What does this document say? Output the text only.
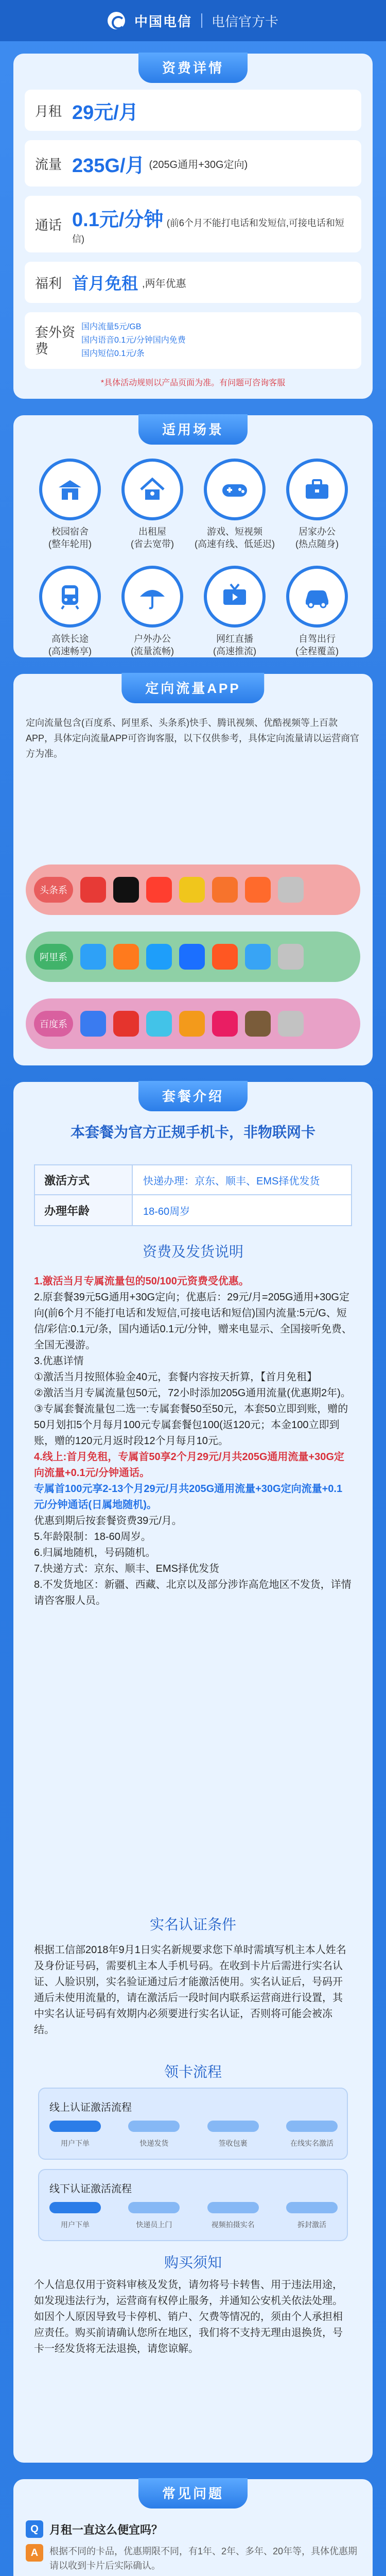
中国电信 电信官方卡
资费详情
月租 29元/月
流量 235G/月 (205G通用+30G定向)
通话 0.1元/分钟 (前6个月不能打电话和发短信,可接电话和短信)
福利 首月免租 ,两年优惠
套外资费
国内流量5元/GB
国内语音0.1元/分钟国内免费
国内短信0.1元/条
*具体活动规则以产品页面为准。有问题可咨询客服
适用场景
校园宿舍
(整年轮用)
出租屋
(省去宽带)
游戏、短视频
(高速有线、低延迟)
居家办公
(热点随身)
高铁长途
(高速畅享)
户外办公
(流量流畅)
网红直播
(高速推流)
自驾出行
(全程覆盖)
定向流量APP
定向流量包含(百度系、阿里系、头条系)快手、腾讯视频、优酷视频等上百款APP，具体定向流量APP可咨询客服，以下仅供参考，具体定向流量请以运营商官方为准。
头条系
阿里系
百度系
套餐介绍
本套餐为官方正规手机卡，非物联网卡
激活方式	快递办理：京东、顺丰、EMS择优发货
办理年龄	18-60周岁
资费及发货说明

1.激活当月专属流量包的50/100元资费受优惠。

2.原套餐39元5G通用+30G定向；优惠后：29元/月=205G通用+30G定向(前6个月不能打电话和发短信,可接电话和短信)国内流量:5元/G、短信/彩信:0.1元/条，国内通话0.1元/分钟，赠来电显示、全国接听免费、全国无漫游。

3.优惠详情

①激活当月按照体验金40元，套餐内容按天折算，【首月免租】

②激活当月专属流量包50元，72小时添加205G通用流量(优惠期2年)。

③专属套餐流量包二选一:专属套餐50至50元，本套50立即到账，赠的50月划扣5个月每月100元专属套餐包100(返120元；本金100立即到账，赠的120元月返时段12个月每月10元。

4.线上:首月免租，专属首50享2个月29元/月共205G通用流量+30G定向流量+0.1元/分钟通话。

专属首100元享2-13个月29元/月共205G通用流量+30G定向流量+0.1元/分钟通话(日属地随机)。

优惠到期后按套餐资费39元/月。

5.年龄限制：18-60周岁。

6.归属地随机，号码随机。

7.快递方式：京东、顺丰、EMS择优发货

8.不发货地区：新疆、西藏、北京以及部分涉诈高危地区不发货，详情请咨客服人员。

实名认证条件
根据工信部2018年9月1日实名新规要求您下单时需填写机主本人姓名及身份证号码，需要机主本人手机号码。在收到卡片后需进行实名认证、人脸识别，实名验证通过后才能激活使用。实名认证后，号码开通后未使用流量的，请在激活后一段时间内联系运营商进行设置，其中实名认证号码有效期内必须要进行实名认证，否则将可能会被冻结。
领卡流程
线上认证激活流程
用户下单	快递发货	签收包裹	在线实名激活
线下认证激活流程
用户下单	快递员上门	视频拍摄实名	拆封激活
购买须知
个人信息仅用于资料审核及发货，请勿将号卡转售、用于违法用途，如发现违法行为，运营商有权停止服务，并通知公安机关依法处理。如因个人原因导致号卡停机、销户、欠费等情况的，须由个人承担相应责任。购买前请确认您所在地区，我们将不支持无理由退换货，号卡一经发货将无法退换，请您谅解。
常见问题
Q 月租一直这么便宜吗？
A	根据不同的卡品，优惠期限不同，有1年、2年、多年、20年等，具体优惠期请以收到卡片后实际确认。
